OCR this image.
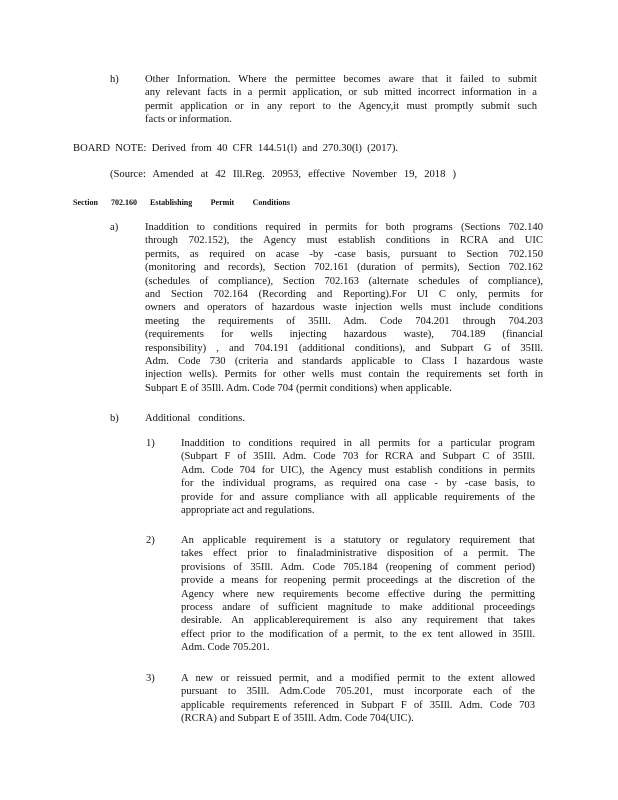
h) Other Information. Where the permittee becomes aware that it failed to submit
any relevant facts in a permit application, or sub mitted incorrect information in a
permit application or in any report to the Agency,it must promptly submit such
facts or information.
BOARD NOTE: Derived from 40 CFR 144.51(l) and 270.30(l) (2017).
(Source: Amended at 42 Ill.Reg. 20953, effective November 19, 2018 )
Section 702.160 Establishing Permit Conditions
a)	Inaddition to conditions required in permits for both programs (Sections 702.140
through 702.152), the Agency must establish conditions in RCRA and UIC
permits, as required on acase -by -case basis, pursuant to Section 702.150
(monitoring and records), Section 702.161 (duration of permits), Section 702.162
(schedules of compliance), Section 702.163 (alternate schedules of compliance),
and Section 702.164 (Recording and Reporting).For UI C only, permits for
owners and operators of hazardous waste injection wells must include conditions
meeting the requirements of 35Ill. Adm. Code 704.201 through 704.203
(requirements for wells injecting hazardous waste), 704.189 (financial
responsibility) , and 704.191 (additional conditions), and Subpart G of 35Ill.
Adm. Code 730 (criteria and standards applicable to Class I hazardous waste
injection wells). Permits for other wells must contain the requirements set forth in
Subpart E of 35Ill. Adm. Code 704 (permit conditions) when applicable.
b) Additional conditions.
1) Inaddition to conditions required in all permits for a particular program
(Subpart F of 35Ill. Adm. Code 703 for RCRA and Subpart C of 35Ill.
Adm. Code 704 for UIC), the Agency must establish conditions in permits
for the individual programs, as required ona case - by -case basis, to
provide for and assure compliance with all applicable requirements of the
appropriate act and regulations.
2) An applicable requirement is a statutory or regulatory requirement that
takes effect prior to finaladministrative disposition of a permit. The
provisions of 35Ill. Adm. Code 705.184 (reopening of comment period)
provide a means for reopening permit proceedings at the discretion of the
Agency where new requirements become effective during the permitting
process andare of sufficient magnitude to make additional proceedings
desirable. An applicablerequirement is also any requirement that takes
effect prior to the modification of a permit, to the ex tent allowed in 35Ill.
Adm. Code 705.201.
3) A new or reissued permit, and a modified permit to the extent allowed
pursuant to 35Ill. Adm.Code 705.201, must incorporate each of the
applicable requirements referenced in Subpart F of 35Ill. Adm. Code 703
(RCRA) and Subpart E of 35Ill. Adm. Code 704(UIC).
